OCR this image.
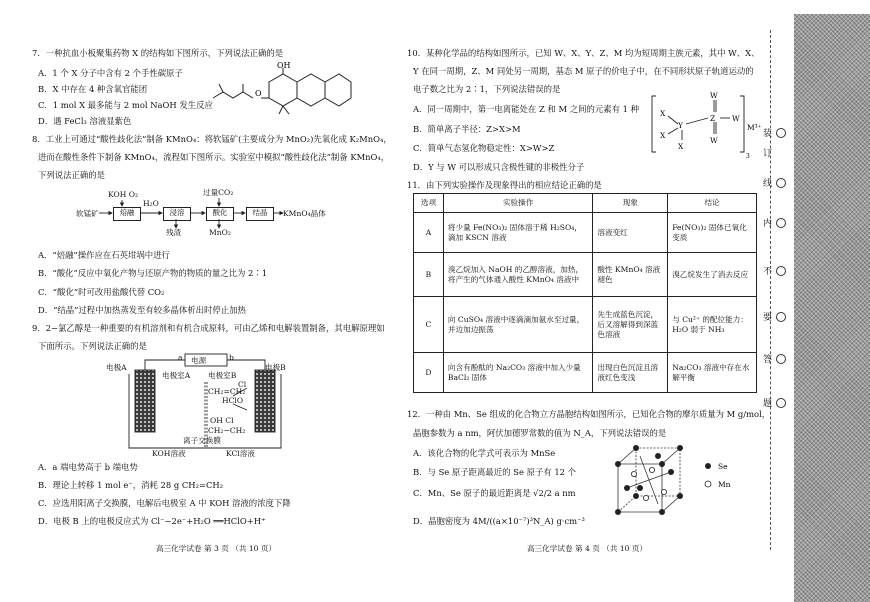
7．一种抗血小板聚集药物 X 的结构如下图所示，下列说法正确的是
A．1 个 X 分子中含有 2 个手性碳原子
B．X 中存在 4 种含氧官能团
C．1 mol X 最多能与 2 mol NaOH 发生反应
D．遇 FeCl₃ 溶液显紫色
OH
O
8．工业上可通过“酸性歧化法”制备 KMnO₄：将软锰矿(主要成分为 MnO₂)先氧化成 K₂MnO₄，
进而在酸性条件下制备 KMnO₄，流程如下图所示。实验室中模拟“酸性歧化法”制备 KMnO₄，
下列说法正确的是
软锰矿
KOH O₂
焙融
H₂O
浸溶
残渣
过量CO₂
酸化
MnO₂
结晶	KMnO₄晶体
A．“焙融”操作应在石英坩埚中进行
B．“酸化”反应中氧化产物与还原产物的物质的量之比为 2∶1
C．“酸化”时可改用盐酸代替 CO₂
D．“结晶”过程中加热蒸发至有较多晶体析出时停止加热
9．2−氯乙醇是一种重要的有机溶剂和有机合成原料，可由乙烯和电解装置制备，其电解原理如
下面所示。下列说法正确的是
电源
a	b
电极A	电极B
电极室A 电极室B
Cl
HClO
CH₂=CH₂
OH Cl
CH₂−CH₂
离子交换膜
KOH溶液	KCl溶液
A．a 端电势高于 b 端电势
B．理论上转移 1 mol e⁻，消耗 28 g CH₂=CH₂
C．应选用阳离子交换膜，电解后电极室 A 中 KOH 溶液的浓度下降
D．电极 B 上的电极反应式为 Cl⁻−2e⁻+H₂O ══HClO+H⁺
高三化学试卷 第 3 页 （共 10 页）
10．某种化学品的结构如图所示，已知 W、X、Y、Z、M 均为短周期主族元素，其中 W、X、
Y 在同一周期，Z、M 同处另一周期，基态 M 原子的价电子中，在不同形状原子轨道运动的
电子数之比为 2∶1，下列说法错误的是
A．同一周期中，第一电离能处在 Z 和 M 之间的元素有 1 种
B．简单离子半径：Z>X>M
C．简单气态氢化物稳定性：X>W>Z
D．Y 与 W 可以形成只含极性键的非极性分子
W
X
X
Y
X
Z W
W
M³⁺
3
11．由下列实验操作及现象得出的相应结论正确的是
选项	实验操作	现象	结论
A	将少量 Fe(NO₃)₂ 固体溶于稀 H₂SO₄，滴加 KSCN 溶液	溶液变红	Fe(NO₃)₂ 固体已氧化变质
B	溴乙烷加入 NaOH 的乙醇溶液，加热，将产生的气体通入酸性 KMnO₄ 溶液中	酸性 KMnO₄ 溶液褪色	溴乙烷发生了消去反应
C	向 CuSO₄ 溶液中逐滴滴加氨水至过量，并边加边振荡	先生成蓝色沉淀，后又溶解得到深蓝色溶液	与 Cu²⁺ 的配位能力：H₂O 弱于 NH₃
D	向含有酚酞的 Na₂CO₃ 溶液中加入少量 BaCl₂ 固体	出现白色沉淀且溶液红色变浅	Na₂CO₃ 溶液中存在水解平衡
12．一种由 Mn、Se 组成的化合物立方晶胞结构如图所示，已知化合物的摩尔质量为 M g/mol，
晶胞参数为 a nm，阿伏加德罗常数的值为 N_A，下列说法错误的是
A．该化合物的化学式可表示为 MnSe
B．与 Se 原子距离最近的 Se 原子有 12 个
C．Mn、Se 原子的最近距离是 √2/2 a nm
D．晶胞密度为 4M/((a×10⁻⁷)³N_A) g·cm⁻³
Se
Mn
高三化学试卷 第 4 页 （共 10 页）
装
订
线
内
不
要
答
题
